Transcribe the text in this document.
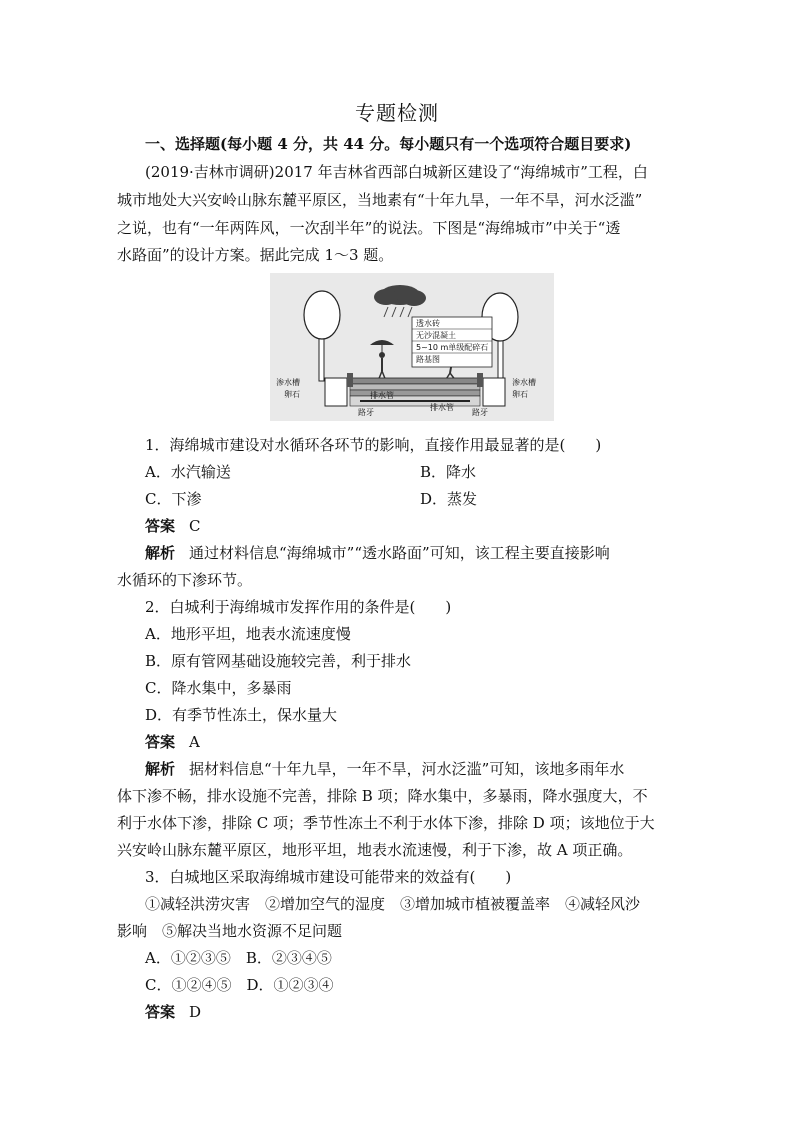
专题检测
一、选择题(每小题 4 分，共 44 分。每小题只有一个选项符合题目要求)
(2019·吉林市调研)2017 年吉林省西部白城新区建设了“海绵城市”工程，白
城市地处大兴安岭山脉东麓平原区，当地素有“十年九旱，一年不旱，河水泛滥”
之说，也有“一年两阵风，一次刮半年”的说法。下图是“海绵城市”中关于“透
水路面”的设计方案。据此完成 1～3 题。
透水砖
无沙混凝土
5~10 m单级配碎石
路基图
渗水槽
卵石
渗水槽
卵石
排水管
排水管
路牙	路牙
1．海绵城市建设对水循环各环节的影响，直接作用最显著的是(　　)
A．水汽输送	B．降水
C．下渗	D．蒸发
答案 C
解析 通过材料信息“海绵城市”“透水路面”可知，该工程主要直接影响
水循环的下渗环节。
2．白城利于海绵城市发挥作用的条件是(　　)
A．地形平坦，地表水流速度慢
B．原有管网基础设施较完善，利于排水
C．降水集中，多暴雨
D．有季节性冻土，保水量大
答案 A
解析 据材料信息“十年九旱，一年不旱，河水泛滥”可知，该地多雨年水
体下渗不畅，排水设施不完善，排除 B 项；降水集中，多暴雨，降水强度大，不
利于水体下渗，排除 C 项；季节性冻土不利于水体下渗，排除 D 项；该地位于大
兴安岭山脉东麓平原区，地形平坦，地表水流速慢，利于下渗，故 A 项正确。
3．白城地区采取海绵城市建设可能带来的效益有(　　)
①减轻洪涝灾害　②增加空气的湿度　③增加城市植被覆盖率　④减轻风沙
影响　⑤解决当地水资源不足问题
A．①②③⑤　B．②③④⑤
C．①②④⑤　D．①②③④
答案 D
